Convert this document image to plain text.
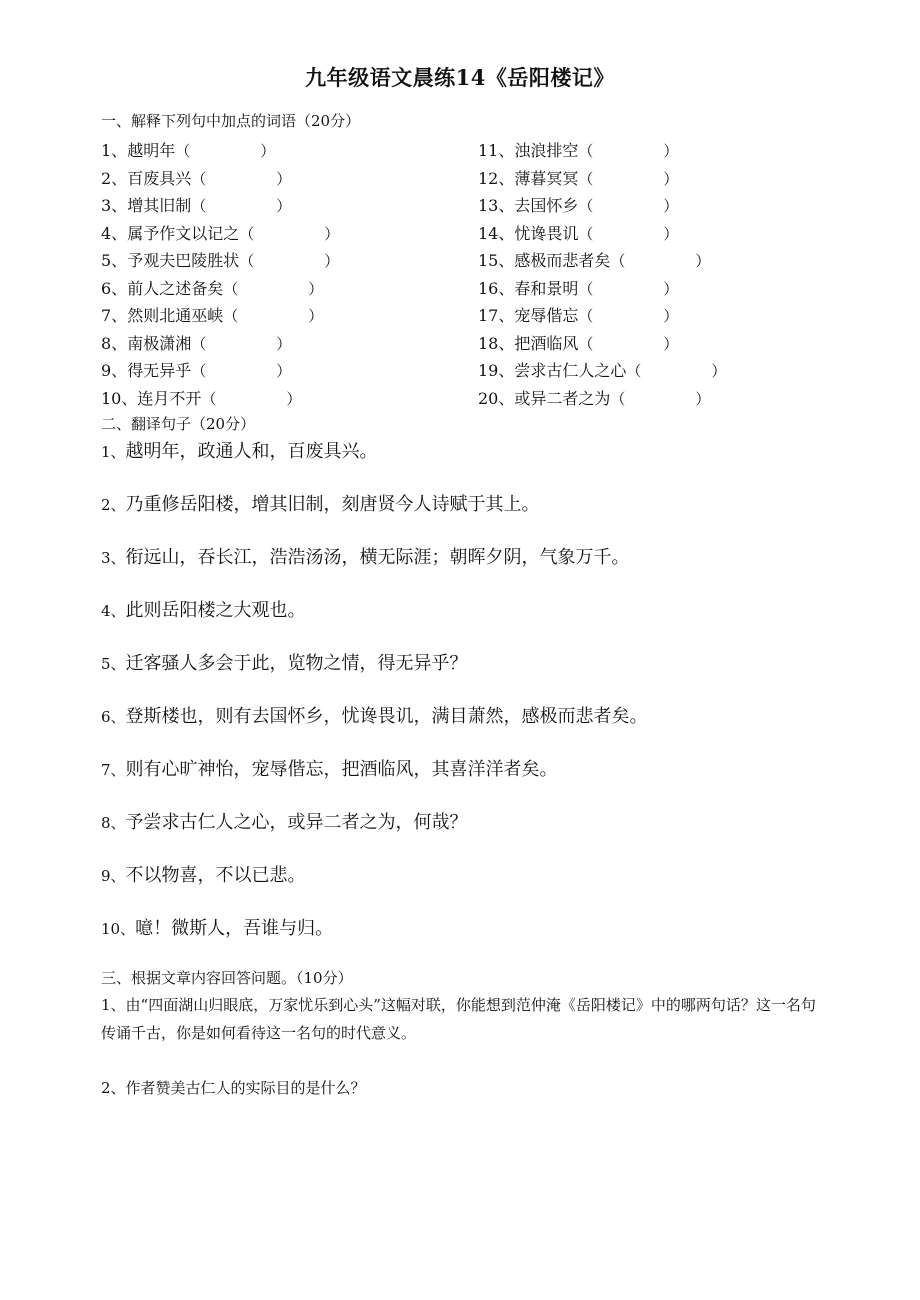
九年级语文晨练14《岳阳楼记》
一、解释下列句中加点的词语（20分）
1、越明年（	）
2、百废具兴（	）
3、增其旧制（	）
4、属予作文以记之（	）
5、予观夫巴陵胜状（	）
6、前人之述备矣（	）
7、然则北通巫峡（	）
8、南极潇湘（	）
9、得无异乎（	）
10、连月不开（	）
11、浊浪排空（	）
12、薄暮冥冥（	）
13、去国怀乡（	）
14、忧谗畏讥（	）
15、感极而悲者矣（	）
16、春和景明（	）
17、宠辱偕忘（	）
18、把酒临风（	）
19、尝求古仁人之心（	）
20、或异二者之为（	）
二、翻译句子（20分）
1、越明年，政通人和，百废具兴。
2、乃重修岳阳楼，增其旧制，刻唐贤今人诗赋于其上。
3、衔远山，吞长江，浩浩汤汤，横无际涯；朝晖夕阴，气象万千。
4、此则岳阳楼之大观也。
5、迁客骚人多会于此，览物之情，得无异乎？
6、登斯楼也，则有去国怀乡，忧谗畏讥，满目萧然，感极而悲者矣。
7、则有心旷神怡，宠辱偕忘，把酒临风，其喜洋洋者矣。
8、予尝求古仁人之心，或异二者之为，何哉？
9、不以物喜，不以已悲。
10、噫！微斯人，吾谁与归。
三、根据文章内容回答问题。（10分）
1、由“四面湖山归眼底，万家忧乐到心头”这幅对联，你能想到范仲淹《岳阳楼记》中的哪两句话？这一名句传诵千古，你是如何看待这一名句的时代意义。
2、作者赞美古仁人的实际目的是什么？
